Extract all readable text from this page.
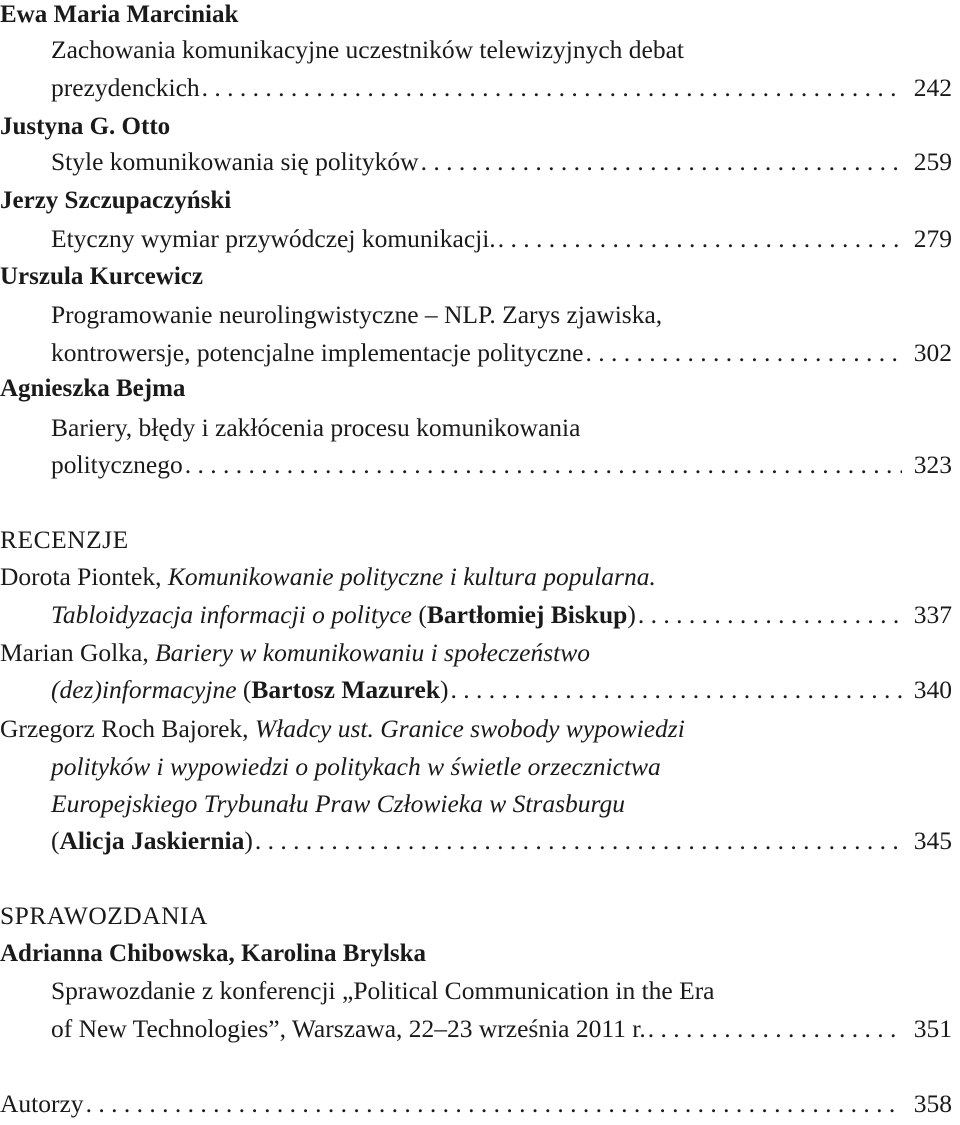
Ewa Maria Marciniak
Zachowania komunikacyjne uczestników telewizyjnych debat
prezydenckich . . .	242
Justyna G. Otto
Style komunikowania się polityków . . .	259
Jerzy Szczupaczyński
Etyczny wymiar przywódczej komunikacji. . . .	279
Urszula Kurcewicz
Programowanie neurolingwistyczne – NLP. Zarys zjawiska,
kontrowersje, potencjalne implementacje polityczne . . .	302
Agnieszka Bejma
Bariery, błędy i zakłócenia procesu komunikowania
politycznego . . .	323
RECENZJE
Dorota Piontek, Komunikowanie polityczne i kultura popularna.
Tabloidyzacja informacji o polityce (Bartłomiej Biskup) . . .	337
Marian Golka, Bariery w komunikowaniu i społeczeństwo
(dez)informacyjne (Bartosz Mazurek) . . .	340
Grzegorz Roch Bajorek, Władcy ust. Granice swobody wypowiedzi
polityków i wypowiedzi o politykach w świetle orzecznictwa
Europejskiego Trybunału Praw Człowieka w Strasburgu
(Alicja Jaskiernia) . . .	345
SPRAWOZDANIA
Adrianna Chibowska, Karolina Brylska
Sprawozdanie z konferencji „Political Communication in the Era
of New Technologies”, Warszawa, 22–23 września 2011 r. . . .	351
Autorzy . . .	358
